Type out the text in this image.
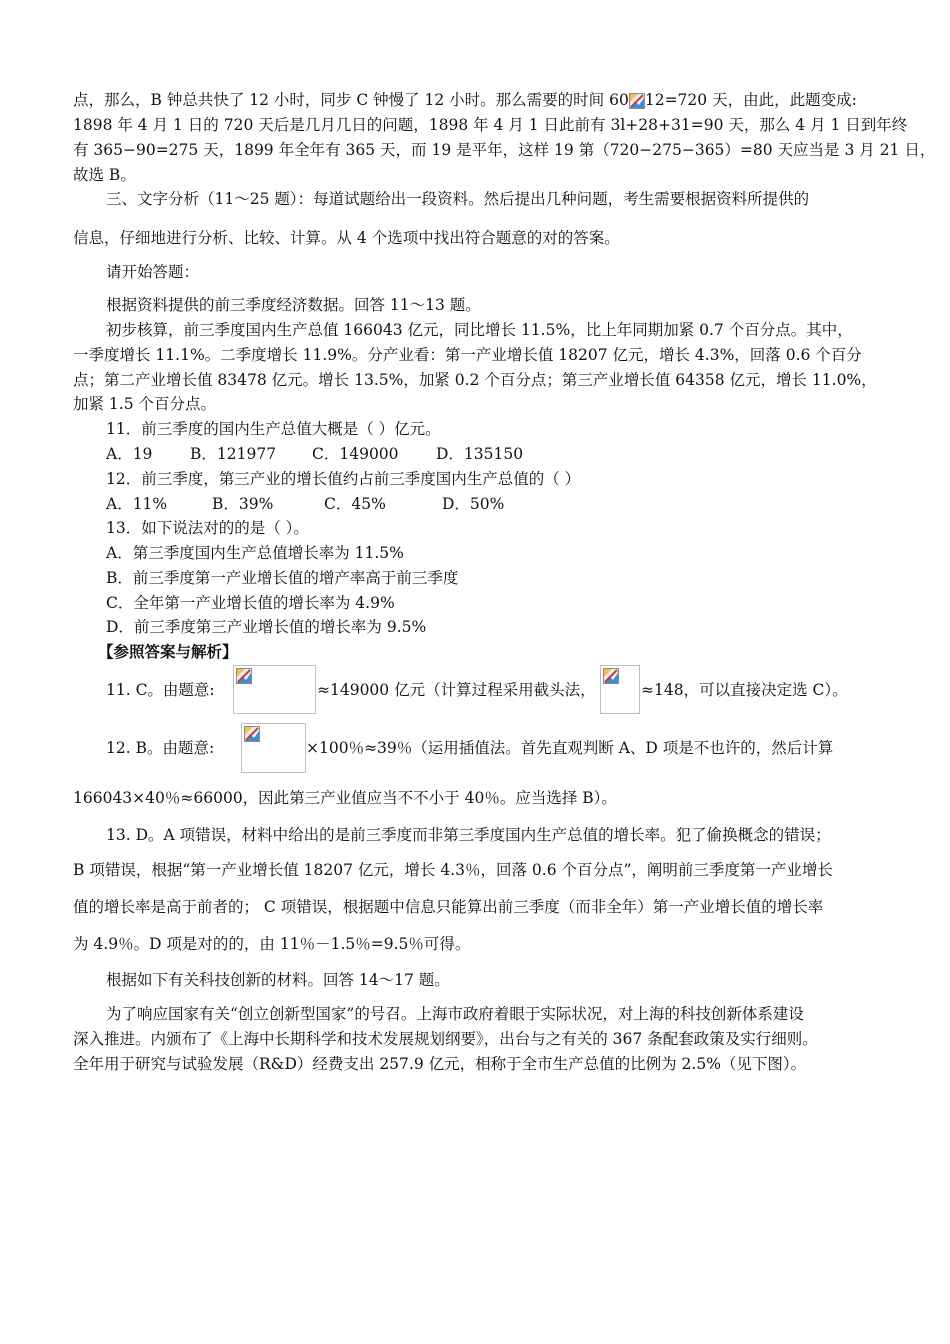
点，那么，B 钟总共快了 12 小时，同步 C 钟慢了 12 小时。那么需要的时间 60 12=720 天，由此，此题变成:
1898 年 4 月 1 日的 720 天后是几月几日的问题，1898 年 4 月 1 日此前有 3l+28+31=90 天，那么 4 月 1 日到年终
有 365−90=275 天，1899 年全年有 365 天，而 19 是平年，这样 19 第（720−275−365）=80 天应当是 3 月 21 日，
故选 B。
三、文字分析（11～25 题）：每道试题给出一段资料。然后提出几种问题，考生需要根据资料所提供的
信息，仔细地进行分析、比较、计算。从 4 个选项中找出符合题意的对的答案。
请开始答题：
根据资料提供的前三季度经济数据。回答 11～13 题。
初步核算，前三季度国内生产总值 166043 亿元，同比增长 11.5%，比上年同期加紧 0.7 个百分点。其中，
一季度增长 11.1%。二季度增长 11.9%。分产业看：第一产业增长值 18207 亿元，增长 4.3%，回落 0.6 个百分
点；第二产业增长值 83478 亿元。增长 13.5%，加紧 0.2 个百分点；第三产业增长值 64358 亿元，增长 11.0%，
加紧 1.5 个百分点。
11．前三季度的国内生产总值大概是（ ）亿元。
A．19 B．121977 C．149000 D．135150
12．前三季度，第三产业的增长值约占前三季度国内生产总值的（ ）
A．11%	B．39%	C．45%	D．50%
13．如下说法对的的是（ ）。
A．第三季度国内生产总值增长率为 11.5%
B．前三季度第一产业增长值的增产率高于前三季度
C．全年第一产业增长值的增长率为 4.9%
D．前三季度第三产业增长值的增长率为 9.5%
【参照答案与解析】
11. C。由题意:	≈149000 亿元（计算过程采用截头法，	≈148，可以直接决定选 C）。
12. B。由题意:	×100％≈39％（运用插值法。首先直观判断 A、D 项是不也许的，然后计算
166043×40％≈66000，因此第三产业值应当不不小于 40％。应当选择 B）。
13. D。A 项错误，材料中给出的是前三季度而非第三季度国内生产总值的增长率。犯了偷换概念的错误；
B 项错误，根据“第一产业增长值 18207 亿元，增长 4.3％，回落 0.6 个百分点”，阐明前三季度第一产业增长
值的增长率是高于前者的； C 项错误，根据题中信息只能算出前三季度（而非全年）第一产业增长值的增长率
为 4.9％。D 项是对的的，由 11％－1.5％=9.5％可得。
根据如下有关科技创新的材料。回答 14～17 题。
为了响应国家有关“创立创新型国家”的号召。上海市政府着眼于实际状况，对上海的科技创新体系建设
深入推进。内颁布了《上海中长期科学和技术发展规划纲要》，出台与之有关的 367 条配套政策及实行细则。
全年用于研究与试验发展（R&D）经费支出 257.9 亿元，相称于全市生产总值的比例为 2.5%（见下图）。
